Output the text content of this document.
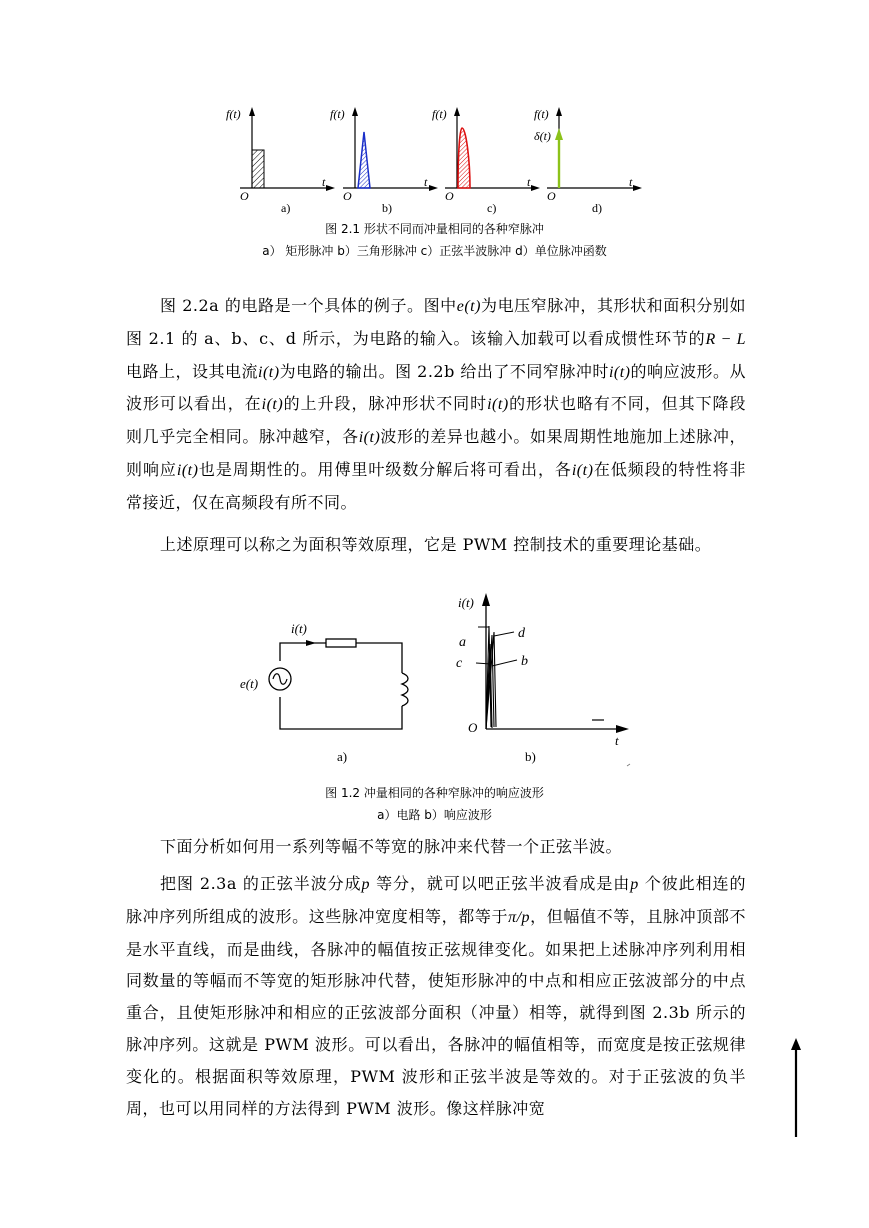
f(t)
O
t
a)
f(t)
O
t
b)
f(t)
O
t
c)
f(t)
δ(t)
O
t
d)
图 2.1 形状不同而冲量相同的各种窄脉冲
a） 矩形脉冲 b）三角形脉冲 c）正弦半波脉冲 d）单位脉冲函数

图 2.2a 的电路是一个具体的例子。图中e(t)为电压窄脉冲，其形状和面积分别如图 2.1 的 a、b、c、d 所示，为电路的输入。该输入加载可以看成惯性环节的R − L 电路上，设其电流i(t)为电路的输出。图 2.2b 给出了不同窄脉冲时i(t)的响应波形。从波形可以看出，在i(t)的上升段，脉冲形状不同时i(t)的形状也略有不同，但其下降段则几乎完全相同。脉冲越窄，各i(t)波形的差异也越小。如果周期性地施加上述脉冲，则响应i(t)也是周期性的。用傅里叶级数分解后将可看出，各i(t)在低频段的特性将非常接近，仅在高频段有所不同。

上述原理可以称之为面积等效原理，它是 PWM 控制技术的重要理论基础。

i(t)
e(t)
a)
i(t)
a
c
d
b
O
t
b)
图 1.2 冲量相同的各种窄脉冲的响应波形
a）电路 b）响应波形

下面分析如何用一系列等幅不等宽的脉冲来代替一个正弦半波。

把图 2.3a 的正弦半波分成p 等分，就可以吧正弦半波看成是由p 个彼此相连的脉冲序列所组成的波形。这些脉冲宽度相等，都等于π/p，但幅值不等，且脉冲顶部不是水平直线，而是曲线，各脉冲的幅值按正弦规律变化。如果把上述脉冲序列利用相同数量的等幅而不等宽的矩形脉冲代替，使矩形脉冲的中点和相应正弦波部分的中点重合，且使矩形脉冲和相应的正弦波部分面积（冲量）相等，就得到图 2.3b 所示的脉冲序列。这就是 PWM 波形。可以看出，各脉冲的幅值相等，而宽度是按正弦规律变化的。根据面积等效原理，PWM 波形和正弦半波是等效的。对于正弦波的负半周，也可以用同样的方法得到 PWM 波形。像这样脉冲宽
